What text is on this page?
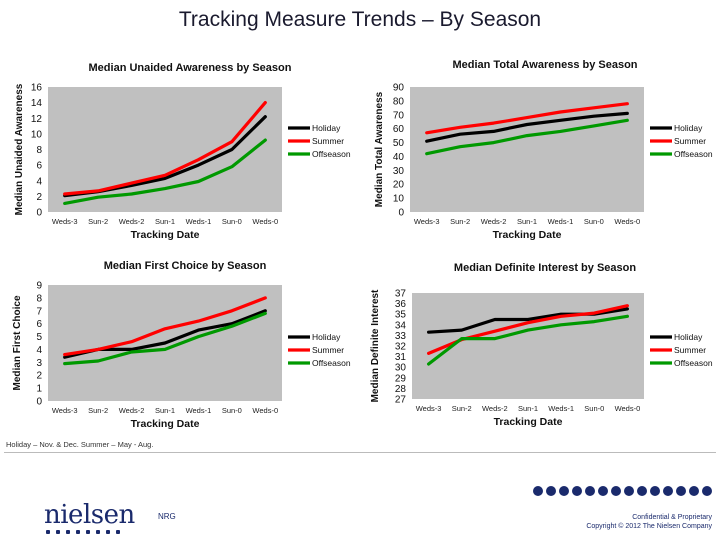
Tracking Measure Trends – By Season
Median Unaided Awareness by Season
Median Unaided Awareness 0
2
4
6
8
10
12
14
16
Weds-3 Sun-2 Weds-2 Sun-1 Weds-1 Sun-0 Weds-0
Tracking Date
Holiday
Summer
Offseason
Median Total Awareness by Season
Median Total Awareness
0
10
20
30
40
50
60
70
80
90
Weds-3 Sun-2 Weds-2 Sun-1 Weds-1 Sun-0 Weds-0
Tracking Date
Holiday
Summer
Offseason
Median First Choice by Season
Median First Choice
0
1
2
3
4
5
6
7
8
9
Weds-3 Sun-2 Weds-2 Sun-1 Weds-1 Sun-0 Weds-0
Tracking Date
Holiday
Summer
Offseason
Median Definite Interest by Season
Median Definite Interest 27
28
29
30
31
32
33
34
35
36
37
Weds-3 Sun-2 Weds-2 Sun-1 Weds-1 Sun-0 Weds-0
Tracking Date
Holiday
Summer
Offseason
Holiday – Nov. & Dec. Summer – May - Aug.
nielsen	NRG	Confidential & Proprietary
Copyright © 2012 The Nielsen Company
